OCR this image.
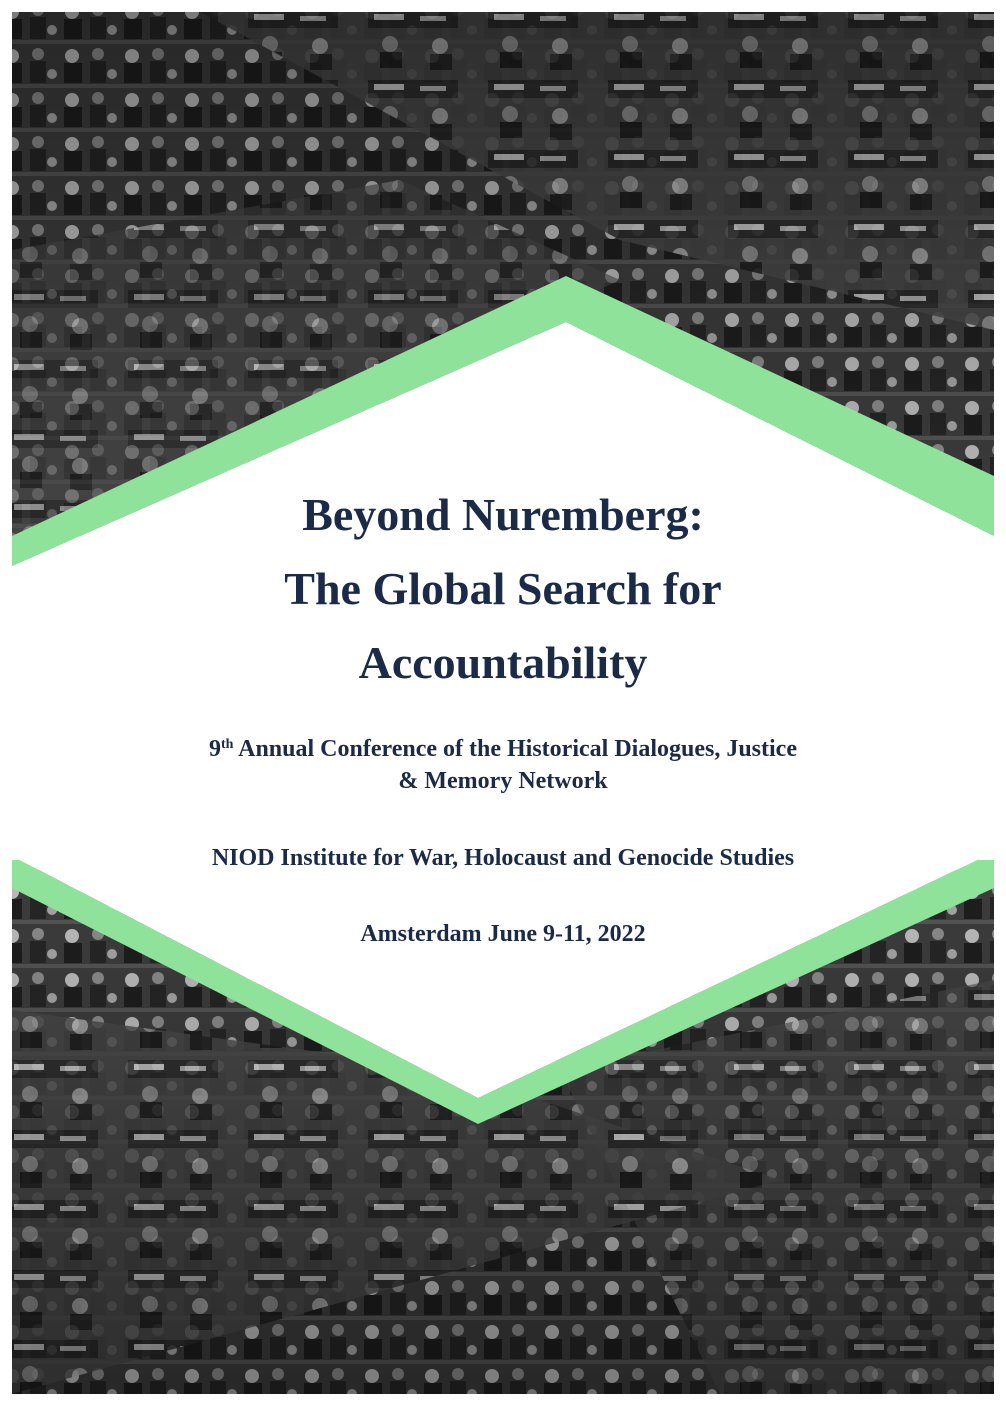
Beyond Nuremberg:
The Global Search for
Accountability
9th Annual Conference of the Historical Dialogues, Justice
& Memory Network
NIOD Institute for War, Holocaust and Genocide Studies
Amsterdam June 9-11, 2022
